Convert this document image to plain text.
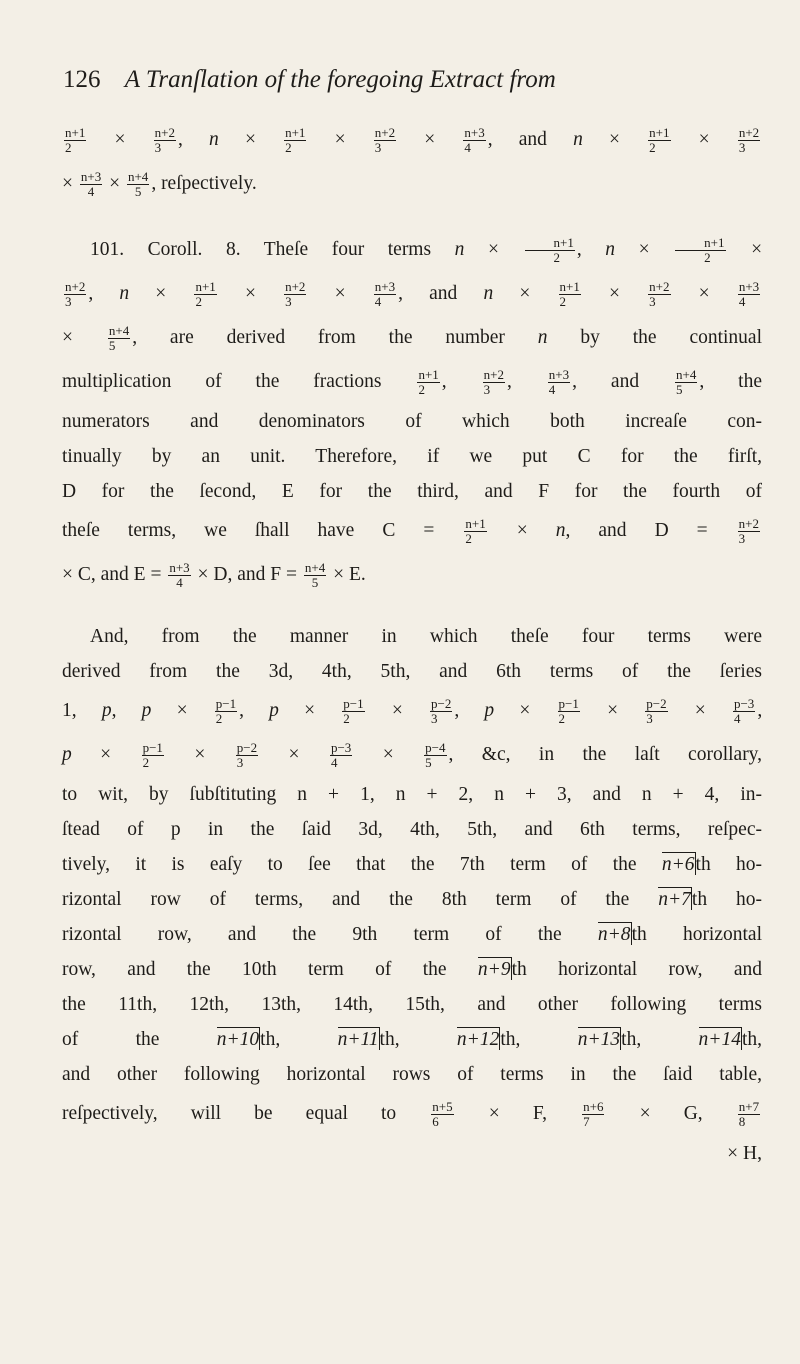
126 A Tranſlation of the foregoing Extract from
$\frac{n+1}{2} \times \frac{n+2}{3}$ , $n \times \frac{n+1}{2} \times \frac{n+2}{3} \times \frac{n+3}{4}$ , and $n \times \frac{n+1}{2} \times \frac{n+2}{3}$
× $\frac{n+3}{4} \times \frac{n+4}{5}$ , reſpectively.
101. Coroll. 8. Theſe four terms $n \times \frac{n+1}{2}$ , $n \times \frac{n+1}{2}$ ×
$\frac{n+2}{3}$ , $n \times \frac{n+1}{2} \times \frac{n+2}{3} \times \frac{n+3}{4}$ , and $n \times \frac{n+1}{2} \times \frac{n+2}{3} \times \frac{n+3}{4}$
×	$\frac{n+4}{5}$ , are derived from the number n by the continual
multiplication of the fractions	$\frac{n+1}{2}$ ,	$\frac{n+2}{3}$ ,	$\frac{n+3}{4}$ , and	$\frac{n+4}{5}$ , the
numerators and denominators of which both increaſe con-
tinually by an unit. Therefore, if we put C for the firſt,
D for the ſecond, E for the third, and F for the fourth of
theſe terms, we ſhall have $C = \frac{n+1}{2} \times n$, and $D = \frac{n+2}{3}$
× C, and $E = \frac{n+3}{4} \times D$, and $F = \frac{n+4}{5} \times E$.
And, from the manner in which theſe four terms were
derived from the 3d, 4th, 5th, and 6th terms of the ſeries
1, p, $p \times \frac{p-1}{2}$ , $p \times \frac{p-1}{2} \times \frac{p-2}{3}$ , $p \times \frac{p-1}{2} \times \frac{p-2}{3} \times \frac{p-3}{4}$ ,
$p \times \frac{p-1}{2} \times \frac{p-2}{3} \times \frac{p-3}{4} \times \frac{p-4}{5}$ , &c, in the laſt corollary,
to wit, by ſubſtituting n + 1, n + 2, n + 3, and n + 4, in-
ſtead of p in the ſaid 3d, 4th, 5th, and 6th terms, reſpec-
tively, it is eaſy to ſee that the 7th term of the n+6th ho-
rizontal row of terms, and the 8th term of the n+7th ho-
rizontal row, and the 9th term of the n+8th horizontal
row, and the 10th term of the n+9th horizontal row, and
the 11th, 12th, 13th, 14th, 15th, and other following terms
of the	n+10th,	n+11th,	n+12th,	n+13th,	n+14th,
and other following horizontal rows of terms in the ſaid table,
reſpectively, will be equal to	$\frac{n+5}{6} \times F$,	$\frac{n+6}{7} \times G$,	$\frac{n+7}{8}$
× H,
